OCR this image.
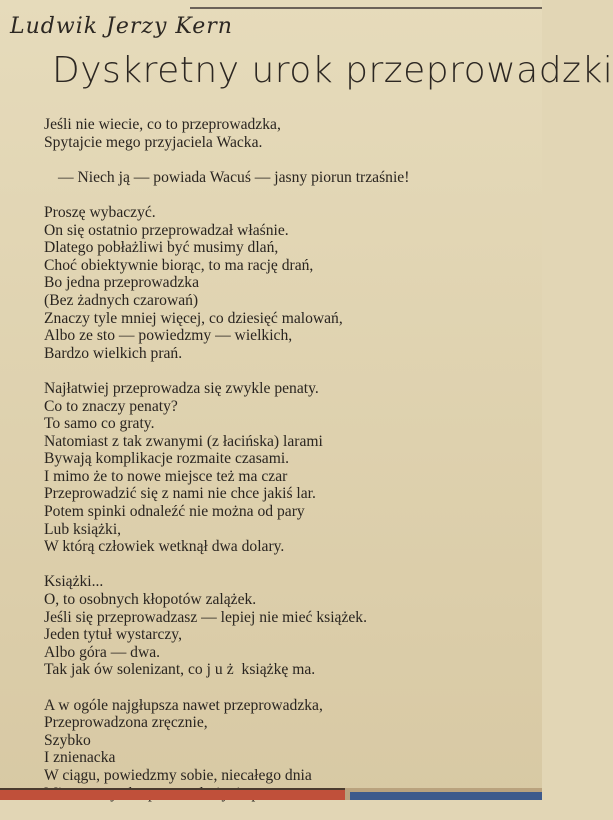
Ludwik Jerzy Kern
Dyskretny urok przeprowadzki
Jeśli nie wiecie, co to przeprowadzka,
Spytajcie mego przyjaciela Wacka.
— Niech ją — powiada Wacuś — jasny piorun trzaśnie!
Proszę wybaczyć.
On się ostatnio przeprowadzał właśnie.
Dlatego pobłażliwi być musimy dlań,
Choć obiektywnie biorąc, to ma rację drań,
Bo jedna przeprowadzka
(Bez żadnych czarowań)
Znaczy tyle mniej więcej, co dziesięć malowań,
Albo ze sto — powiedzmy — wielkich,
Bardzo wielkich prań.
Najłatwiej przeprowadza się zwykle penaty.
Co to znaczy penaty?
To samo co graty.
Natomiast z tak zwanymi (z łacińska) larami
Bywają komplikacje rozmaite czasami.
I mimo że to nowe miejsce też ma czar
Przeprowadzić się z nami nie chce jakiś lar.
Potem spinki odnaleźć nie można od pary
Lub książki,
W którą człowiek wetknął dwa dolary.
Książki...
O, to osobnych kłopotów zalążek.
Jeśli się przeprowadzasz — lepiej nie mieć książek.
Jeden tytuł wystarczy,
Albo góra — dwa.
Tak jak ów solenizant, co już książkę ma.
A w ogóle najgłupsza nawet przeprowadzka,
Przeprowadzona zręcznie,
Szybko
I znienacka
W ciągu, powiedzmy sobie, niecałego dnia
